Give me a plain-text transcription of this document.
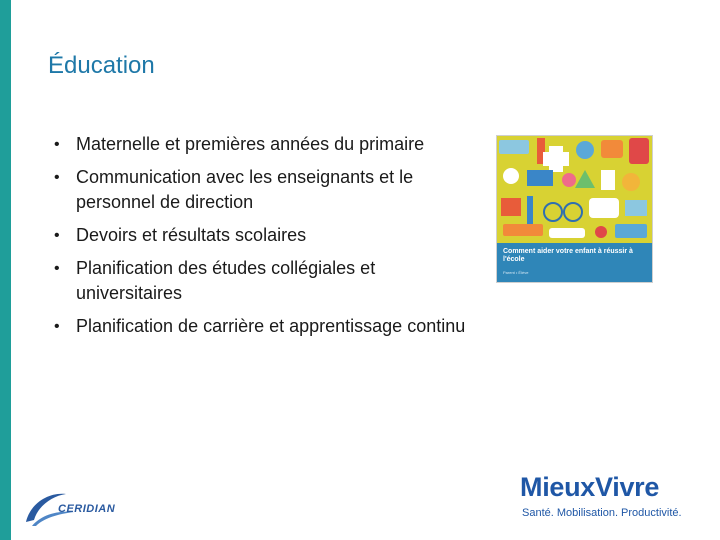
Éducation
• Maternelle et premières années du primaire
• Communication avec les enseignants et le personnel de direction
• Devoirs et résultats scolaires
• Planification des études collégiales et universitaires
• Planification de carrière et apprentissage continu

Comment aider votre enfant à réussir à l'école

Parent • Élève
CERIDIAN
MieuxVivre
Santé. Mobilisation. Productivité.
